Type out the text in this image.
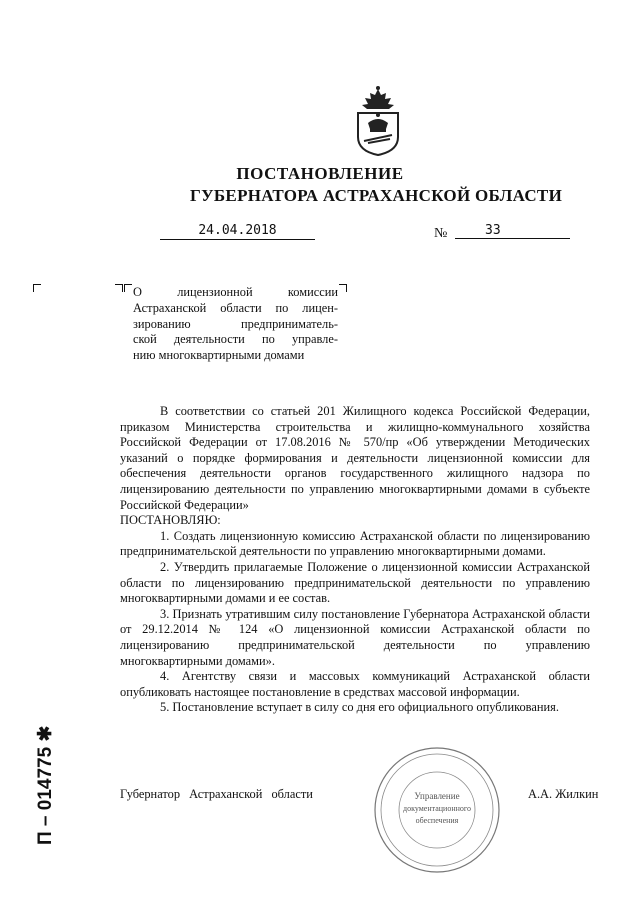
ПОСТАНОВЛЕНИЕ
ГУБЕРНАТОРА АСТРАХАНСКОЙ ОБЛАСТИ
24.04.2018	№	33
О лицензионной комиссии
Астраханской области по лицен-
зированию предприниматель-
ской деятельности по управле-
нию многоквартирными домами

В соответствии со статьей 201 Жилищного кодекса Российской Федерации, приказом Министерства строительства и жилищно-коммунального хозяйства Российской Федерации от 17.08.2016 № 570/пр «Об утверждении Методических указаний о порядке формирования и деятельности лицензионной комиссии для обеспечения деятельности органов государственного жилищного надзора по лицензированию деятельности по управлению многоквартирными домами в субъекте Российской Федерации»

ПОСТАНОВЛЯЮ:

1. Создать лицензионную комиссию Астраханской области по лицензированию предпринимательской деятельности по управлению многоквартирными домами.

2. Утвердить прилагаемые Положение о лицензионной комиссии Астраханской области по лицензированию предпринимательской деятельности по управлению многоквартирными домами и ее состав.

3. Признать утратившим силу постановление Губернатора Астраханской области от 29.12.2014 № 124 «О лицензионной комиссии Астраханской области по лицензированию предпринимательской деятельности по управлению многоквартирными домами».

4. Агентству связи и массовых коммуникаций Астраханской области опубликовать настоящее постановление в средствах массовой информации.

5. Постановление вступает в силу со дня его официального опубликования.

Управление
документационного
обеспечения
Губернатор Астраханской области	А.А. Жилкин
П – 014775 ✱
